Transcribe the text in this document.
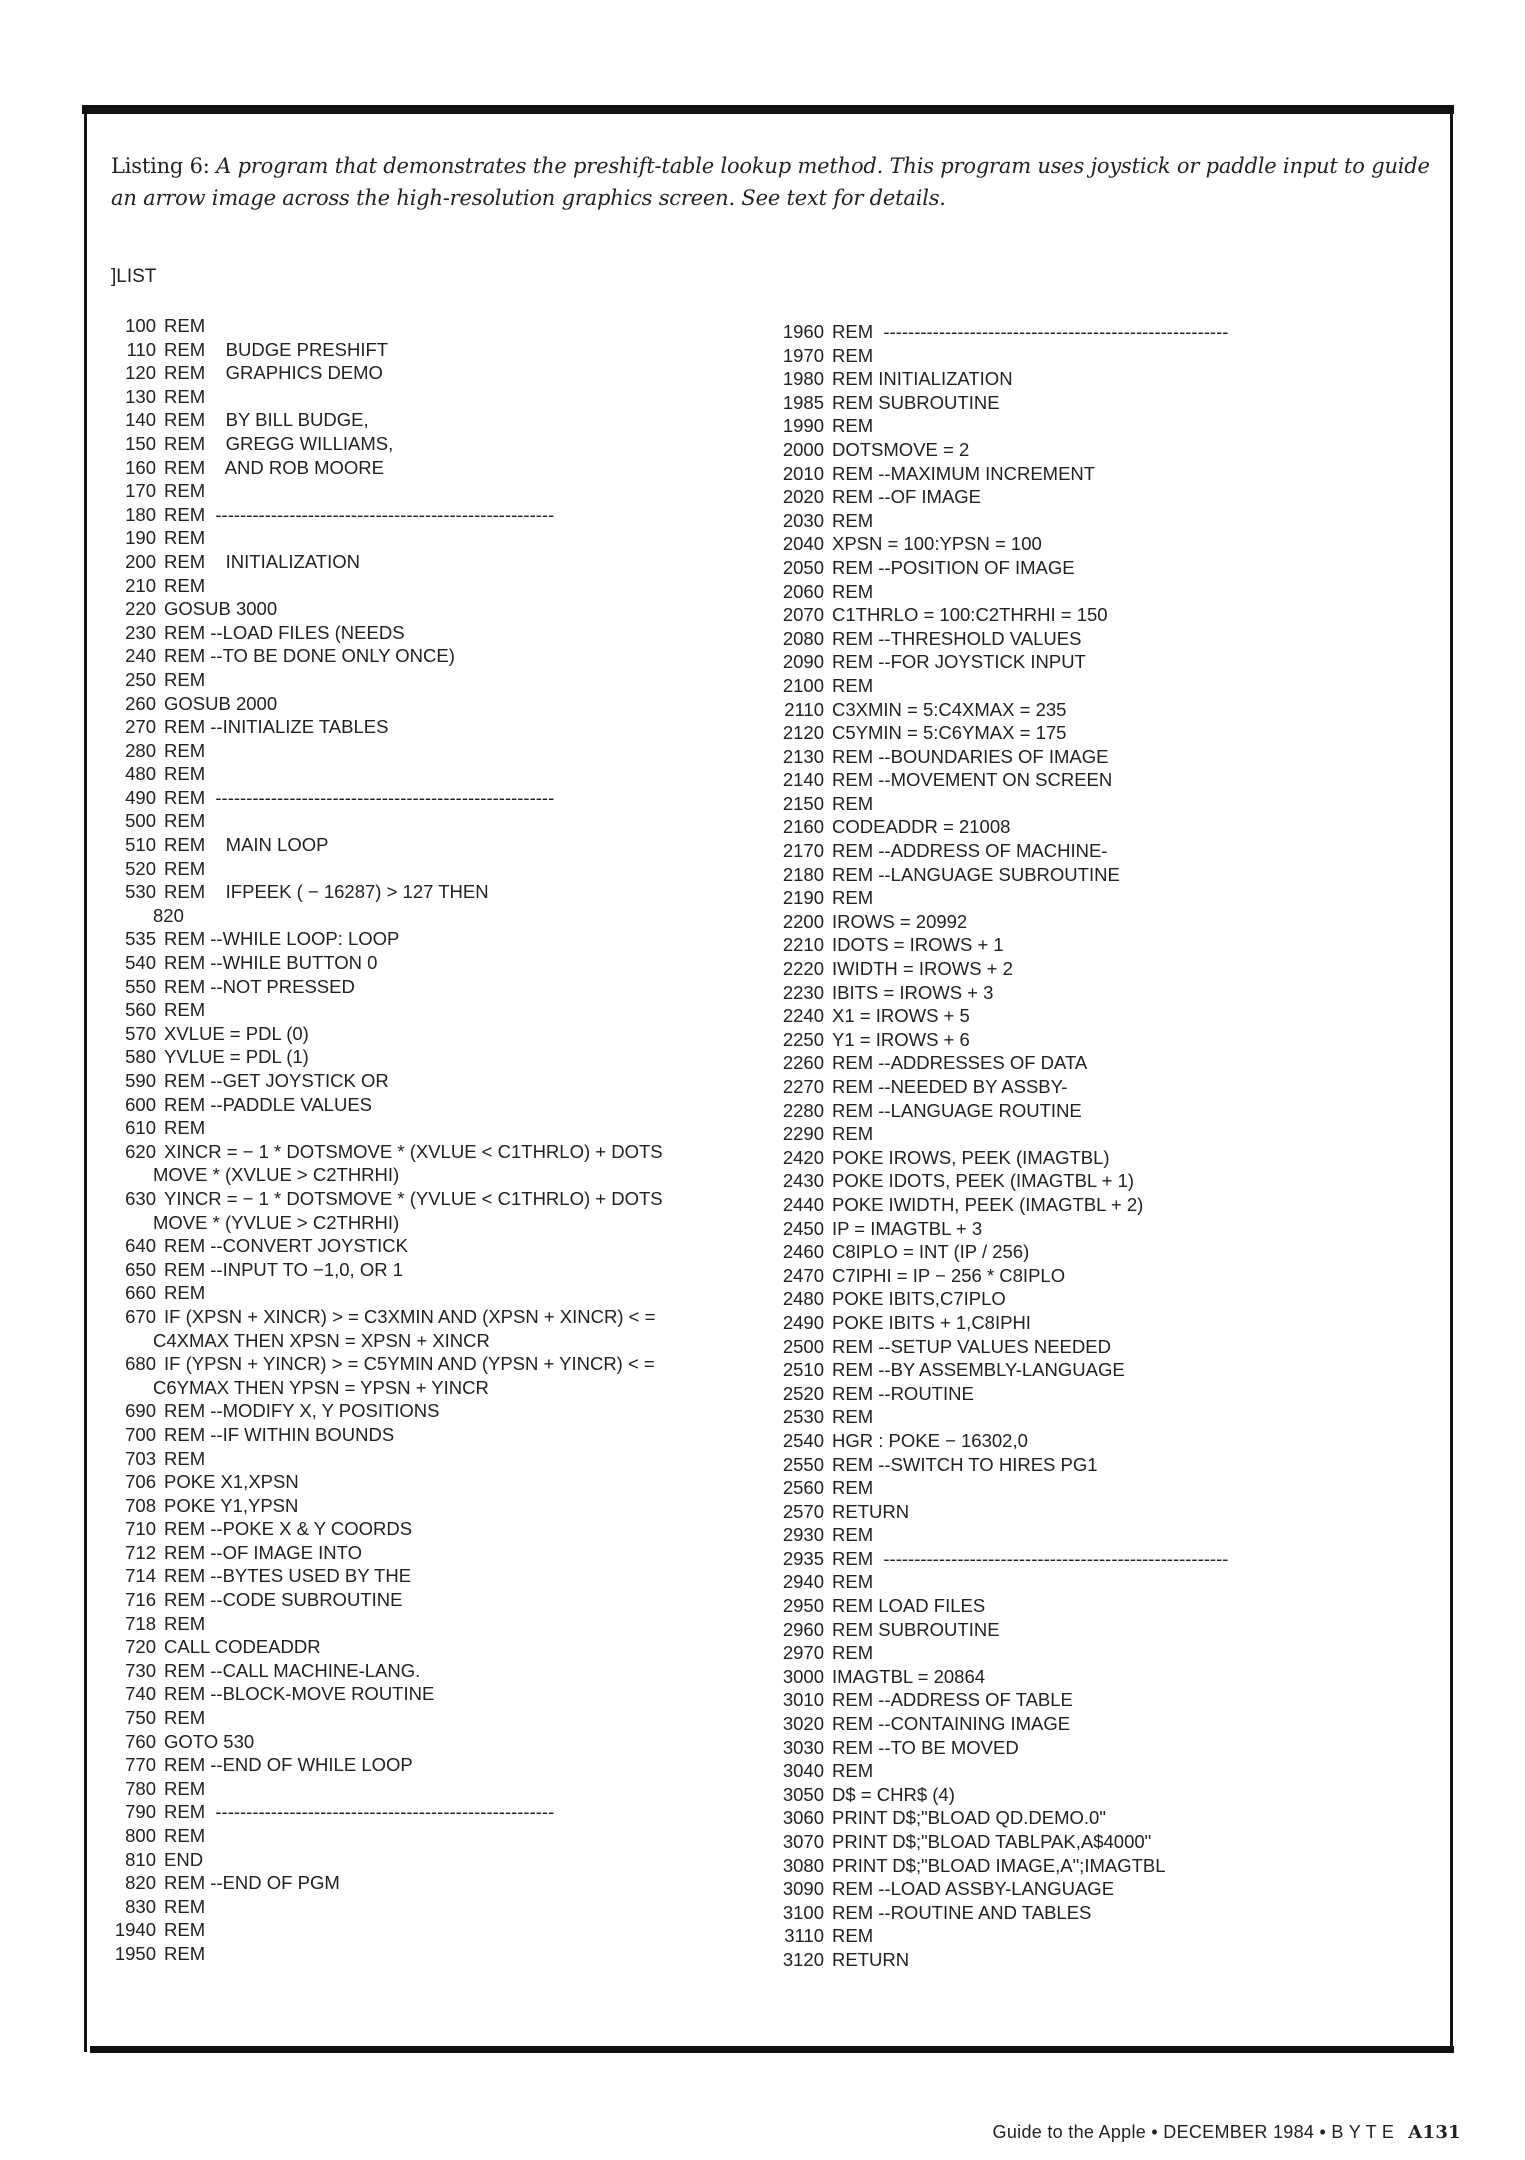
Listing 6: A program that demonstrates the preshift-table lookup method. This program uses joystick or paddle input to guide an arrow image across the high-resolution graphics screen. See text for details.
]LIST
100 REM
110 REM    BUDGE PRESHIFT
120 REM    GRAPHICS DEMO
130 REM
140 REM    BY BILL BUDGE,
150 REM    GREGG WILLIAMS,
160 REM    AND ROB MOORE
170 REM
180 REM  -------------------------------------------------------
190 REM
200 REM    INITIALIZATION
210 REM
220 GOSUB 3000
230 REM --LOAD FILES (NEEDS
240 REM --TO BE DONE ONLY ONCE)
250 REM
260 GOSUB 2000
270 REM --INITIALIZE TABLES
280 REM
480 REM
490 REM  -------------------------------------------------------
500 REM
510 REM    MAIN LOOP
520 REM
530 REM    IFPEEK ( − 16287) > 127 THEN
820
535 REM --WHILE LOOP: LOOP
540 REM --WHILE BUTTON 0
550 REM --NOT PRESSED
560 REM
570 XVLUE = PDL (0)
580 YVLUE = PDL (1)
590 REM --GET JOYSTICK OR
600 REM --PADDLE VALUES
610 REM
620 XINCR = − 1 * DOTSMOVE * (XVLUE < C1THRLO) + DOTS
MOVE * (XVLUE > C2THRHI)
630 YINCR = − 1 * DOTSMOVE * (YVLUE < C1THRLO) + DOTS
MOVE * (YVLUE > C2THRHI)
640 REM --CONVERT JOYSTICK
650 REM --INPUT TO −1,0, OR 1
660 REM
670 IF (XPSN + XINCR) > = C3XMIN AND (XPSN + XINCR) < =
C4XMAX THEN XPSN = XPSN + XINCR
680 IF (YPSN + YINCR) > = C5YMIN AND (YPSN + YINCR) < =
C6YMAX THEN YPSN = YPSN + YINCR
690 REM --MODIFY X, Y POSITIONS
700 REM --IF WITHIN BOUNDS
703 REM
706 POKE X1,XPSN
708 POKE Y1,YPSN
710 REM --POKE X & Y COORDS
712 REM --OF IMAGE INTO
714 REM --BYTES USED BY THE
716 REM --CODE SUBROUTINE
718 REM
720 CALL CODEADDR
730 REM --CALL MACHINE-LANG.
740 REM --BLOCK-MOVE ROUTINE
750 REM
760 GOTO 530
770 REM --END OF WHILE LOOP
780 REM
790 REM  -------------------------------------------------------
800 REM
810 END
820 REM --END OF PGM
830 REM
1940 REM
1950 REM
1960 REM  --------------------------------------------------------
1970 REM
1980 REM INITIALIZATION
1985 REM SUBROUTINE
1990 REM
2000 DOTSMOVE = 2
2010 REM --MAXIMUM INCREMENT
2020 REM --OF IMAGE
2030 REM
2040 XPSN = 100:YPSN = 100
2050 REM --POSITION OF IMAGE
2060 REM
2070 C1THRLO = 100:C2THRHI = 150
2080 REM --THRESHOLD VALUES
2090 REM --FOR JOYSTICK INPUT
2100 REM
2110 C3XMIN = 5:C4XMAX = 235
2120 C5YMIN = 5:C6YMAX = 175
2130 REM --BOUNDARIES OF IMAGE
2140 REM --MOVEMENT ON SCREEN
2150 REM
2160 CODEADDR = 21008
2170 REM --ADDRESS OF MACHINE-
2180 REM --LANGUAGE SUBROUTINE
2190 REM
2200 IROWS = 20992
2210 IDOTS = IROWS + 1
2220 IWIDTH = IROWS + 2
2230 IBITS = IROWS + 3
2240 X1 = IROWS + 5
2250 Y1 = IROWS + 6
2260 REM --ADDRESSES OF DATA
2270 REM --NEEDED BY ASSBY-
2280 REM --LANGUAGE ROUTINE
2290 REM
2420 POKE IROWS, PEEK (IMAGTBL)
2430 POKE IDOTS, PEEK (IMAGTBL + 1)
2440 POKE IWIDTH, PEEK (IMAGTBL + 2)
2450 IP = IMAGTBL + 3
2460 C8IPLO = INT (IP / 256)
2470 C7IPHI = IP − 256 * C8IPLO
2480 POKE IBITS,C7IPLO
2490 POKE IBITS + 1,C8IPHI
2500 REM --SETUP VALUES NEEDED
2510 REM --BY ASSEMBLY-LANGUAGE
2520 REM --ROUTINE
2530 REM
2540 HGR : POKE − 16302,0
2550 REM --SWITCH TO HIRES PG1
2560 REM
2570 RETURN
2930 REM
2935 REM  --------------------------------------------------------
2940 REM
2950 REM LOAD FILES
2960 REM SUBROUTINE
2970 REM
3000 IMAGTBL = 20864
3010 REM --ADDRESS OF TABLE
3020 REM --CONTAINING IMAGE
3030 REM --TO BE MOVED
3040 REM
3050 D$ = CHR$ (4)
3060 PRINT D$;"BLOAD QD.DEMO.0"
3070 PRINT D$;"BLOAD TABLPAK,A$4000"
3080 PRINT D$;"BLOAD IMAGE,A";IMAGTBL
3090 REM --LOAD ASSBY-LANGUAGE
3100 REM --ROUTINE AND TABLES
3110 REM
3120 RETURN
Guide to the Apple • DECEMBER 1984 • B Y T E A131
